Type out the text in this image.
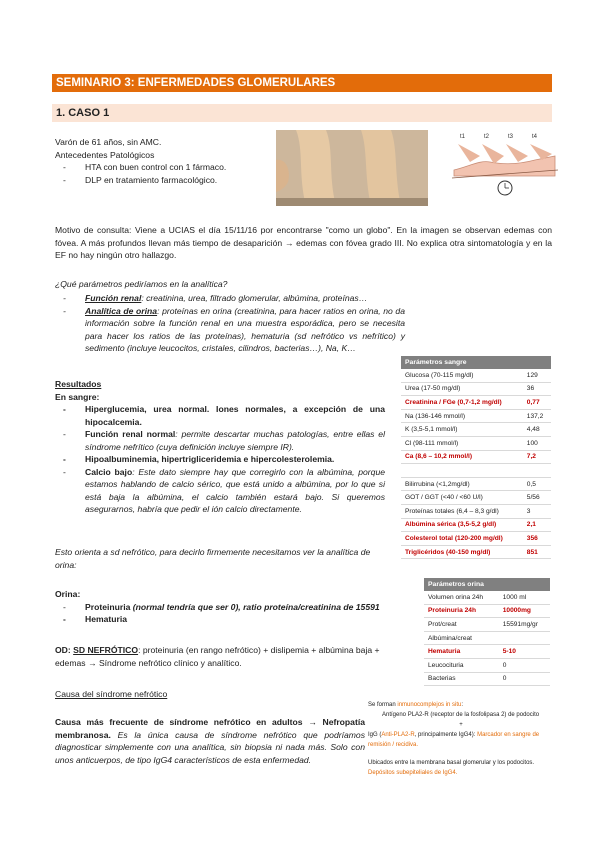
SEMINARIO 3: ENFERMEDADES GLOMERULARES
1. CASO 1
Varón de 61 años, sin AMC.
Antecedentes Patológicos
- HTA con buen control con 1 fármaco.
- DLP en tratamiento farmacológico.
t1	t2	t3	t4
Motivo de consulta: Viene a UCIAS el día 15/11/16 por encontrarse "como un globo". En la imagen se observan edemas con fóvea. A más profundos llevan más tiempo de desaparición → edemas con fóvea grado III. No explica otra sintomatología y en la EF no hay ningún otro hallazgo.
¿Qué parámetros pediríamos en la analítica?
- Función renal: creatinina, urea, filtrado glomerular, albúmina, proteínas…
- Analítica de orina: proteínas en orina (creatinina, para hacer ratios en orina, no da información sobre la función renal en una muestra esporádica, pero se necesita para hacer los ratios de las proteínas), hematuria (sd nefrótico vs nefrítico) y sedimento (incluye leucocitos, cristales, cilindros, bacterias…), Na, K…
Resultados
En sangre:
- Hiperglucemia, urea normal. Iones normales, a excepción de una hipocalcemia.
- Función renal normal: permite descartar muchas patologías, entre ellas el síndrome nefrítico (cuya definición incluye siempre IR).
- Hipoalbuminemia, hipertrigliceridemia e hipercolesterolemia.
- Calcio bajo: Este dato siempre hay que corregirlo con la albúmina, porque estamos hablando de calcio sérico, que está unido a albúmina, por lo que si está baja la albúmina, el calcio también estará bajo. Si queremos asegurarnos, habría que pedir el ión calcio directamente.
Esto orienta a sd nefrótico, para decirlo firmemente necesitamos ver la analítica de orina:
Orina:
- Proteinuria (normal tendría que ser 0), ratio proteína/creatinina de 15591
- Hematuria
OD: SD NEFRÓTICO: proteinuria (en rango nefrótico) + dislipemia + albúmina baja + edemas → Síndrome nefrótico clínico y analítico.
Causa del síndrome nefrótico
Causa más frecuente de síndrome nefrótico en adultos → Nefropatía membranosa. Es la única causa de síndrome nefrótico que podríamos diagnosticar simplemente con una analítica, sin biopsia ni nada más. Solo con unos anticuerpos, de tipo IgG4 característicos de esta enfermedad.
Parámetros sangre	
Glucosa (70-115 mg/dl)	129
Urea (17-50 mg/dl)	36
Creatinina / FGe (0,7-1,2 mg/dl)	0,77
Na (136-146 mmol/l)	137,2
K (3,5-5,1 mmol/l)	4,48
Cl (98-111 mmol/l)	100
Ca (8,6 – 10,2 mmol/l)	7,2

Bilirrubina (<1,2mg/dl)	0,5
GOT / GGT (<40 / <60 U/l)	5/56
Proteínas totales (6,4 – 8,3 g/dl)	3
Albúmina sérica (3,5-5,2 g/dl)	2,1
Colesterol total (120-200 mg/dl)	356
Triglicéridos (40-150 mg/dl)	851
Parámetros orina	
Volumen orina 24h	1000 ml
Proteinuria 24h	10000mg
Prot/creat	15591mg/gr
Albúmina/creat	
Hematuria	5-10
Leucocituria	0
Bacterias	0
Se forman inmunocomplejos in situ:
Antígeno PLA2-R (receptor de la fosfolipasa 2) de podocito
+
IgG (Anti-PLA2-R, principalmente IgG4): Marcador en sangre de remisión / recidiva.
Ubicados entre la membrana basal glomerular y los podocitos.
Depósitos subepiteliales de IgG4.
